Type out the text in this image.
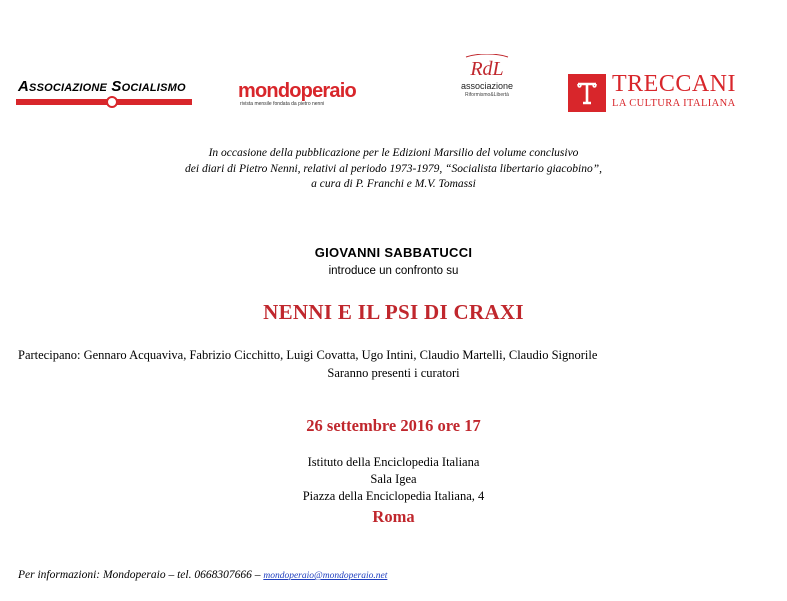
Associazione Socialismo	mondoperaio
rivista mensile fondata da pietro nenni
RdL
associazione
Riformismo&Libertà	TRECCANI
LA CULTURA ITALIANA
In occasione della pubblicazione per le Edizioni Marsilio del volume conclusivo
dei diari di Pietro Nenni, relativi al periodo 1973-1979, “Socialista libertario giacobino”,
a cura di P. Franchi e M.V. Tomassi
GIOVANNI SABBATUCCI
introduce un confronto su
NENNI E IL PSI DI CRAXI
Partecipano: Gennaro Acquaviva, Fabrizio Cicchitto, Luigi Covatta, Ugo Intini, Claudio Martelli, Claudio Signorile
Saranno presenti i curatori
26 settembre 2016 ore 17
Istituto della Enciclopedia Italiana
Sala Igea
Piazza della Enciclopedia Italiana, 4
Roma
Per informazioni: Mondoperaio – tel. 0668307666 – mondoperaio@mondoperaio.net
